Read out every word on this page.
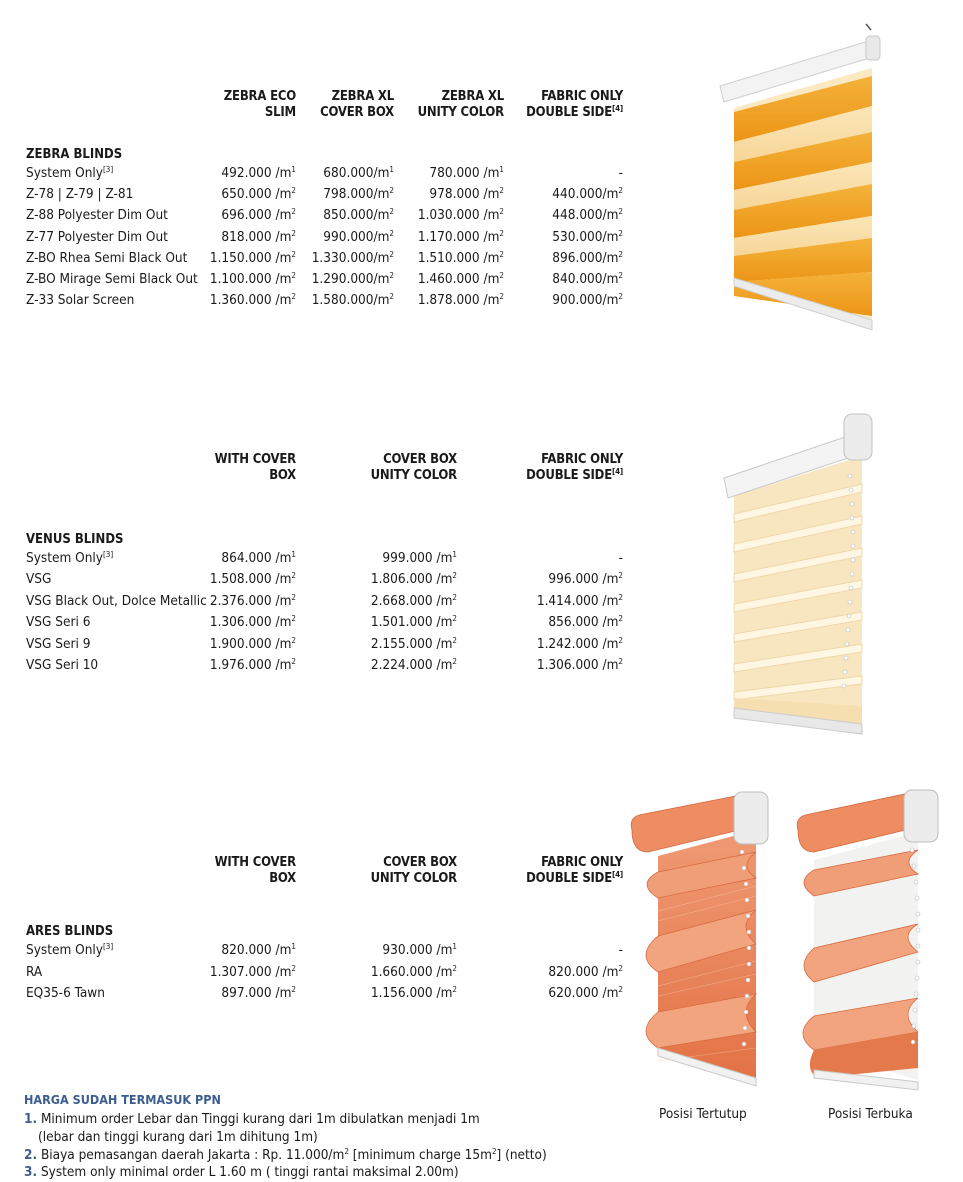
ZEBRA ECO
SLIM
ZEBRA XL
COVER BOX
ZEBRA XL
UNITY COLOR
FABRIC ONLY
DOUBLE SIDE[4]
ZEBRA BLINDS
System Only[3]	492.000 $/m^1$ $680.000/m^1$	780.000 $/m^1$	-
Z-78 | Z-79 | Z-81	650.000 $/m^2$ $798.000/m^2$	978.000 $/m^2$	$440.000/m^2$
Z-88 Polyester Dim Out	696.000 $/m^2$ $850.000/m^2$ 1.030.000 $/m^2$	$448.000/m^2$
Z-77 Polyester Dim Out	818.000 $/m^2$ $990.000/m^2$ 1.170.000 $/m^2$	$530.000/m^2$
Z-BO Rhea Semi Black Out 1.150.000 $/m^2$ $1.330.000/m^2$ 1.510.000 $/m^2$	$896.000/m^2$
Z-BO Mirage Semi Black Out 1.100.000 $/m^2$ $1.290.000/m^2$ 1.460.000 $/m^2$	$840.000/m^2$
Z-33 Solar Screen	1.360.000 $/m^2$ $1.580.000/m^2$ 1.878.000 $/m^2$	$900.000/m^2$
WITH COVER
BOX
COVER BOX
UNITY COLOR
FABRIC ONLY
DOUBLE SIDE[4]
VENUS BLINDS
System Only[3]	864.000 $/m^1$	999.000 $/m^1$	-
VSG	1.508.000 $/m^2$	1.806.000 $/m^2$	996.000 $/m^2$
VSG Black Out, Dolce Metallic 2.376.000 $/m^2$	2.668.000 $/m^2$	1.414.000 $/m^2$
VSG Seri 6	1.306.000 $/m^2$	1.501.000 $/m^2$	856.000 $/m^2$
VSG Seri 9	1.900.000 $/m^2$	2.155.000 $/m^2$	1.242.000 $/m^2$
VSG Seri 10	1.976.000 $/m^2$	2.224.000 $/m^2$	1.306.000 $/m^2$
WITH COVER
BOX
COVER BOX
UNITY COLOR
FABRIC ONLY
DOUBLE SIDE[4]
ARES BLINDS
System Only[3]	820.000 $/m^1$	930.000 $/m^1$	-
RA	1.307.000 $/m^2$	1.660.000 $/m^2$	820.000 $/m^2$
EQ35-6 Tawn	897.000 $/m^2$	1.156.000 $/m^2$	620.000 $/m^2$
Posisi Tertutup	Posisi Terbuka
HARGA SUDAH TERMASUK PPN
1. Minimum order Lebar dan Tinggi kurang dari 1m dibulatkan menjadi 1m
(lebar dan tinggi kurang dari 1m dihitung 1m)
2. Biaya pemasangan daerah Jakarta : Rp. $11.000/m^2$ [minimum charge $15m^2$] (netto)
3. System only minimal order L 1.60 m ( tinggi rantai maksimal 2.00m)
